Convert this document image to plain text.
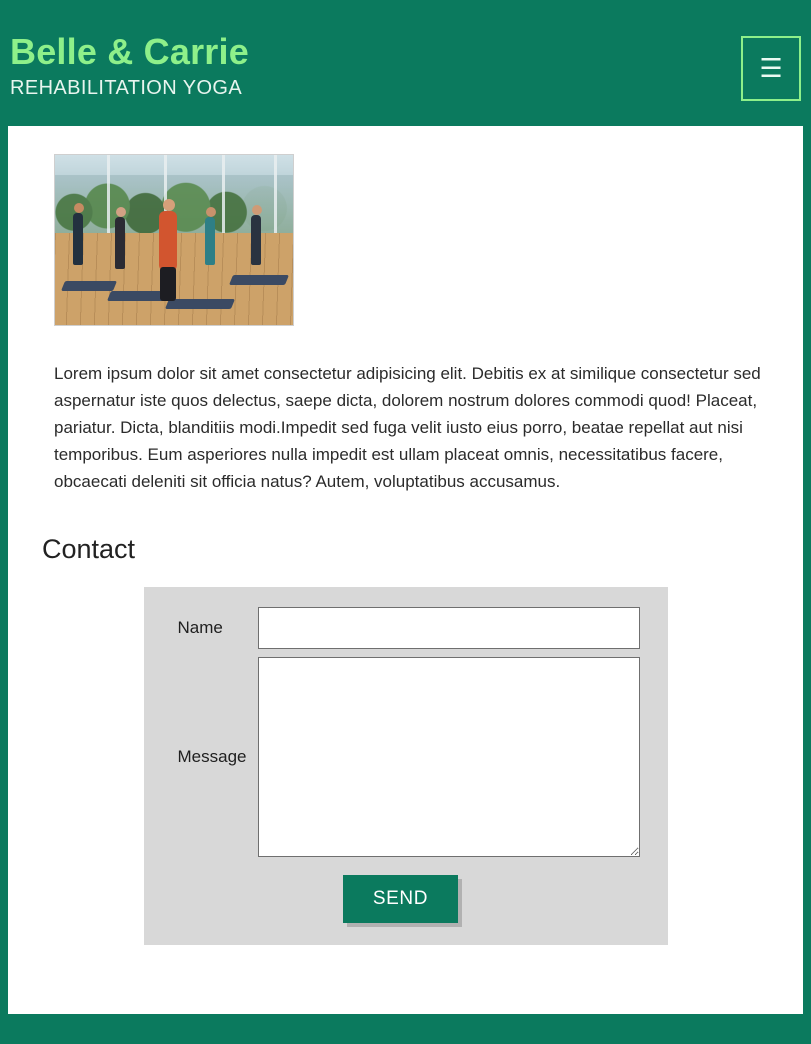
Belle & Carrie
REHABILITATION YOGA
☰

Lorem ipsum dolor sit amet consectetur adipisicing elit. Debitis ex at similique consectetur sed aspernatur iste quos delectus, saepe dicta, dolorem nostrum dolores commodi quod! Placeat, pariatur. Dicta, blanditiis modi.Impedit sed fuga velit iusto eius porro, beatae repellat aut nisi temporibus. Eum asperiores nulla impedit est ullam placeat omnis, necessitatibus facere, obcaecati deleniti sit officia natus? Autem, voluptatibus accusamus.

Contact
Name
Message
SEND
